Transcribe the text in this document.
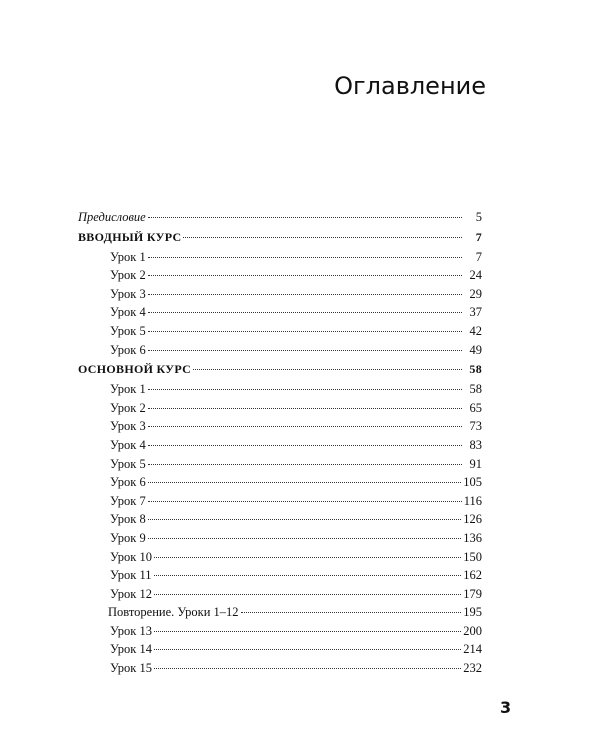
Оглавление
Предисловие	5
ВВОДНЫЙ КУРС	7
Урок 1	7
Урок 2	24
Урок 3	29
Урок 4	37
Урок 5	42
Урок 6	49
ОСНОВНОЙ КУРС	58
Урок 1	58
Урок 2	65
Урок 3	73
Урок 4	83
Урок 5	91
Урок 6	105
Урок 7	116
Урок 8	126
Урок 9	136
Урок 10	150
Урок 11	162
Урок 12	179
Повторение. Уроки 1–12	195
Урок 13	200
Урок 14	214
Урок 15	232
3
